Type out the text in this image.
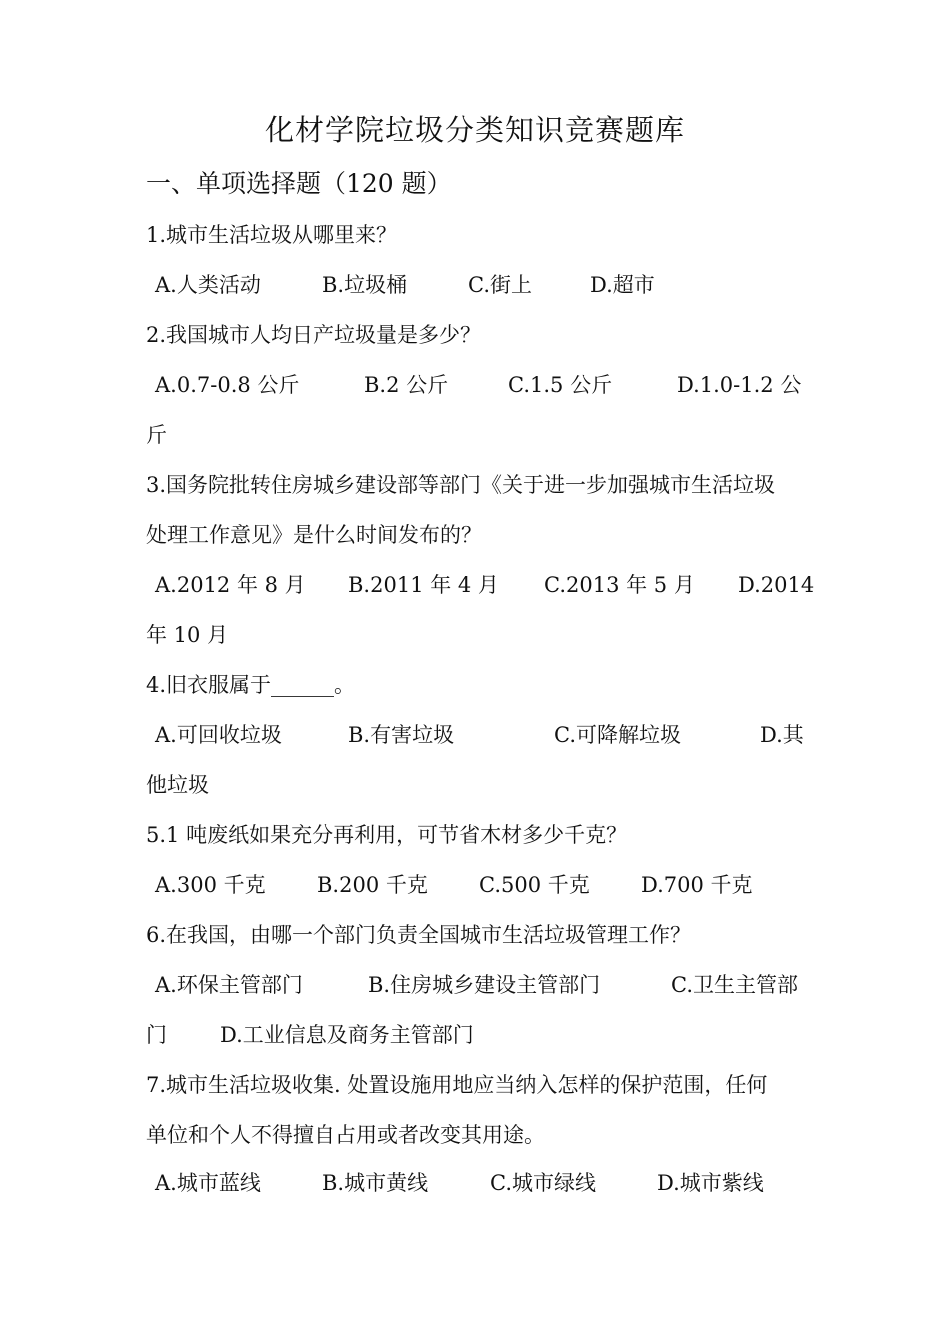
化材学院垃圾分类知识竞赛题库
一、单项选择题（120 题）
1.城市生活垃圾从哪里来？
A.人类活动	B.垃圾桶	C.街上	D.超市
2.我国城市人均日产垃圾量是多少？
A.0.7-0.8 公斤	B.2 公斤	C.1.5 公斤	D.1.0-1.2 公
斤
3.国务院批转住房城乡建设部等部门《关于进一步加强城市生活垃圾
处理工作意见》是什么时间发布的？
A.2012 年 8 月 B.2011 年 4 月 C.2013 年 5 月 D.2014
年 10 月
4.旧衣服属于______。
A.可回收垃圾	B.有害垃圾	C.可降解垃圾	D.其
他垃圾
5.1 吨废纸如果充分再利用，可节省木材多少千克？
A.300 千克 B.200 千克 C.500 千克 D.700 千克
6.在我国，由哪一个部门负责全国城市生活垃圾管理工作？
A.环保主管部门	B.住房城乡建设主管部门	C.卫生主管部
门	D.工业信息及商务主管部门
7.城市生活垃圾收集. 处置设施用地应当纳入怎样的保护范围，任何
单位和个人不得擅自占用或者改变其用途。
A.城市蓝线	B.城市黄线	C.城市绿线	D.城市紫线
